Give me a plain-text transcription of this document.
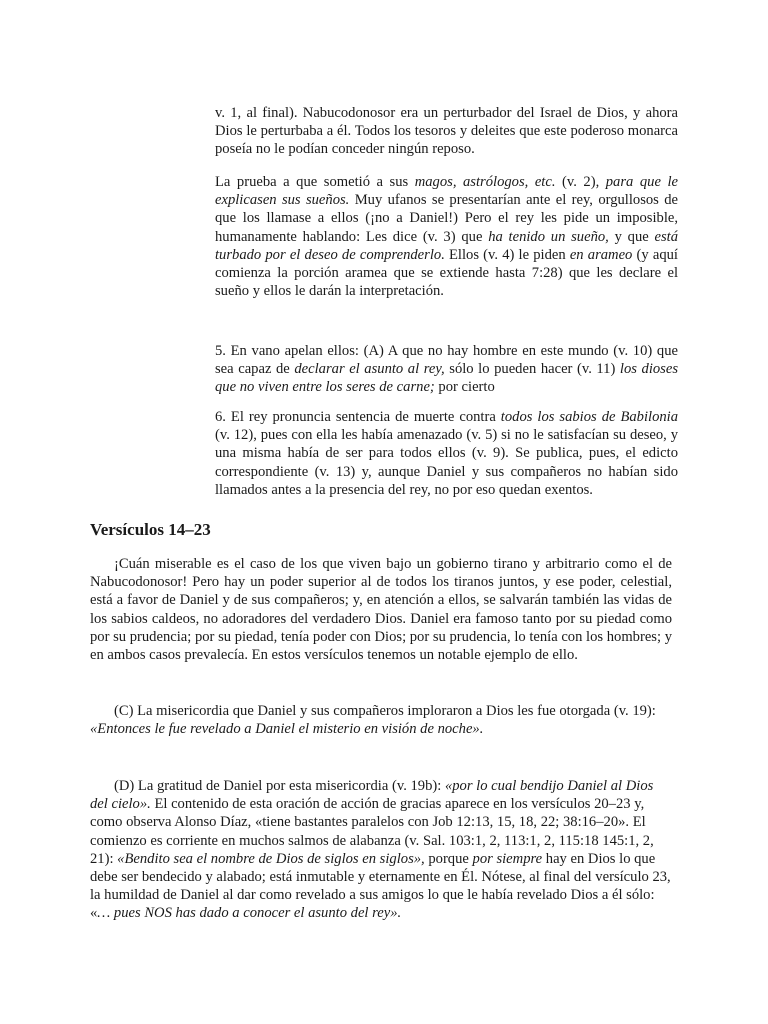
v. 1, al final). Nabucodonosor era un perturbador del Israel de Dios, y ahora Dios le perturbaba a él. Todos los tesoros y deleites que este poderoso monarca poseía no le podían conceder ningún reposo.

La prueba a que sometió a sus magos, astrólogos, etc. (v. 2), para que le explicasen sus sueños. Muy ufanos se presentarían ante el rey, orgullosos de que los llamase a ellos (¡no a Daniel!) Pero el rey les pide un imposible, humanamente hablando: Les dice (v. 3) que ha tenido un sueño, y que está turbado por el deseo de comprenderlo. Ellos (v. 4) le piden en arameo (y aquí comienza la porción aramea que se extiende hasta 7:28) que les declare el sueño y ellos le darán la interpretación.

5. En vano apelan ellos: (A) A que no hay hombre en este mundo (v. 10) que sea capaz de declarar el asunto al rey, sólo lo pueden hacer (v. 11) los dioses que no viven entre los seres de carne; por cierto

6. El rey pronuncia sentencia de muerte contra todos los sabios de Babilonia (v. 12), pues con ella les había amenazado (v. 5) si no le satisfacían su deseo, y una misma había de ser para todos ellos (v. 9). Se publica, pues, el edicto correspondiente (v. 13) y, aunque Daniel y sus compañeros no habían sido llamados antes a la presencia del rey, no por eso quedan exentos.

Versículos 14–23

¡Cuán miserable es el caso de los que viven bajo un gobierno tirano y arbitrario como el de Nabucodonosor! Pero hay un poder superior al de todos los tiranos juntos, y ese poder, celestial, está a favor de Daniel y de sus compañeros; y, en atención a ellos, se salvarán también las vidas de los sabios caldeos, no adoradores del verdadero Dios. Daniel era famoso tanto por su piedad como por su prudencia; por su piedad, tenía poder con Dios; por su prudencia, lo tenía con los hombres; y en ambos casos prevalecía. En estos versículos tenemos un notable ejemplo de ello.

(C) La misericordia que Daniel y sus compañeros imploraron a Dios les fue otorgada (v. 19): «Entonces le fue revelado a Daniel el misterio en visión de noche».

(D) La gratitud de Daniel por esta misericordia (v. 19b): «por lo cual bendijo Daniel al Dios del cielo». El contenido de esta oración de acción de gracias aparece en los versículos 20–23 y, como observa Alonso Díaz, «tiene bastantes paralelos con Job 12:13, 15, 18, 22; 38:16–20». El comienzo es corriente en muchos salmos de alabanza (v. Sal. 103:1, 2, 113:1, 2, 115:18 145:1, 2, 21): «Bendito sea el nombre de Dios de siglos en siglos», porque por siempre hay en Dios lo que debe ser bendecido y alabado; está inmutable y eternamente en Él. Nótese, al final del versículo 23, la humildad de Daniel al dar como revelado a sus amigos lo que le había revelado Dios a él sólo: «… pues NOS has dado a conocer el asunto del rey».
